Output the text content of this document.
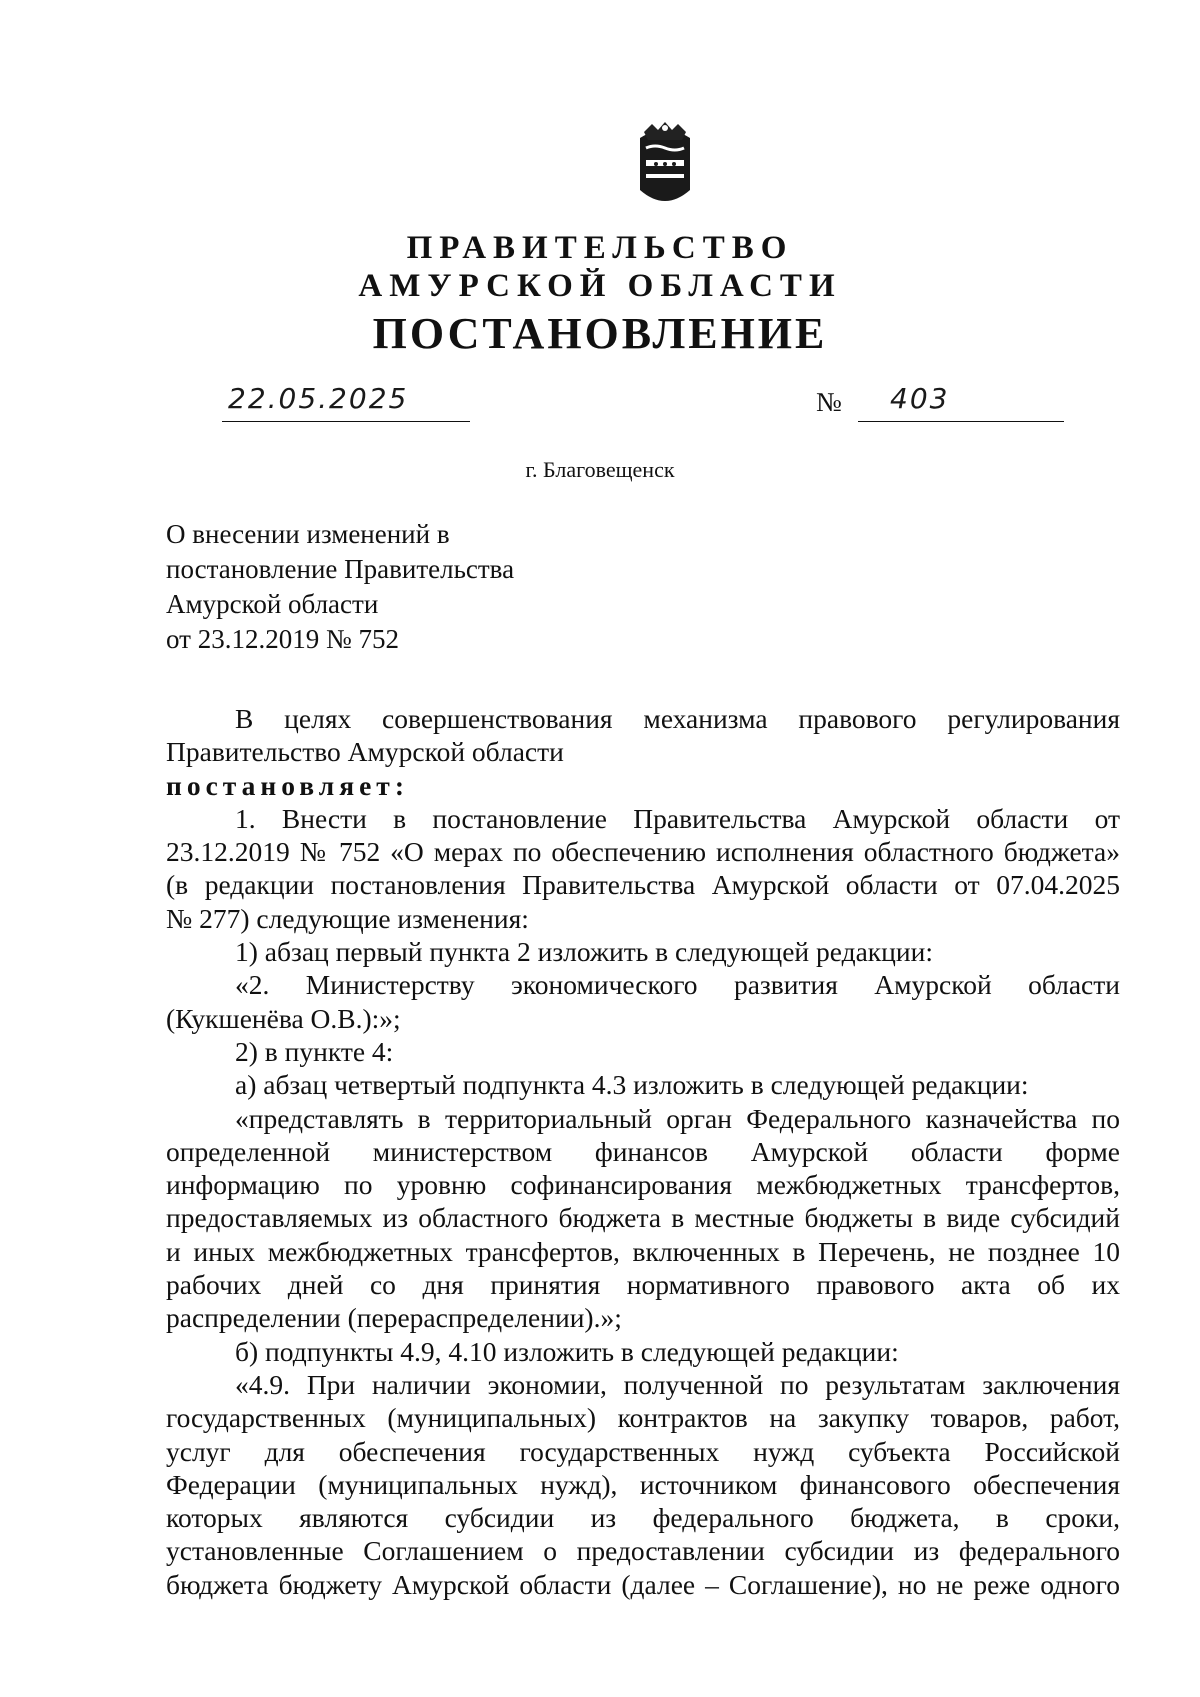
ПРАВИТЕЛЬСТВО
АМУРСКОЙ ОБЛАСТИ
ПОСТАНОВЛЕНИЕ
22.05.2025	№ 403
г. Благовещенск
О внесении изменений в
постановление Правительства
Амурской области
от 23.12.2019 № 752
В целях совершенствования механизма правового регулирования
Правительство Амурской области
постановляет:
1. Внести в постановление Правительства Амурской области от
23.12.2019 № 752 «О мерах по обеспечению исполнения областного бюджета»
(в редакции постановления Правительства Амурской области от 07.04.2025
№ 277) следующие изменения:
1) абзац первый пункта 2 изложить в следующей редакции:
«2. Министерству экономического развития Амурской области
(Кукшенёва О.В.):»;
2) в пункте 4:
а) абзац четвертый подпункта 4.3 изложить в следующей редакции:
«представлять в территориальный орган Федерального казначейства по
определенной министерством финансов Амурской области форме
информацию по уровню софинансирования межбюджетных трансфертов,
предоставляемых из областного бюджета в местные бюджеты в виде субсидий
и иных межбюджетных трансфертов, включенных в Перечень, не позднее 10
рабочих дней со дня принятия нормативного правового акта об их
распределении (перераспределении).»;
б) подпункты 4.9, 4.10 изложить в следующей редакции:
«4.9. При наличии экономии, полученной по результатам заключения
государственных (муниципальных) контрактов на закупку товаров, работ,
услуг для обеспечения государственных нужд субъекта Российской
Федерации (муниципальных нужд), источником финансового обеспечения
которых являются субсидии из федерального бюджета, в сроки,
установленные Соглашением о предоставлении субсидии из федерального
бюджета бюджету Амурской области (далее – Соглашение), но не реже одного
